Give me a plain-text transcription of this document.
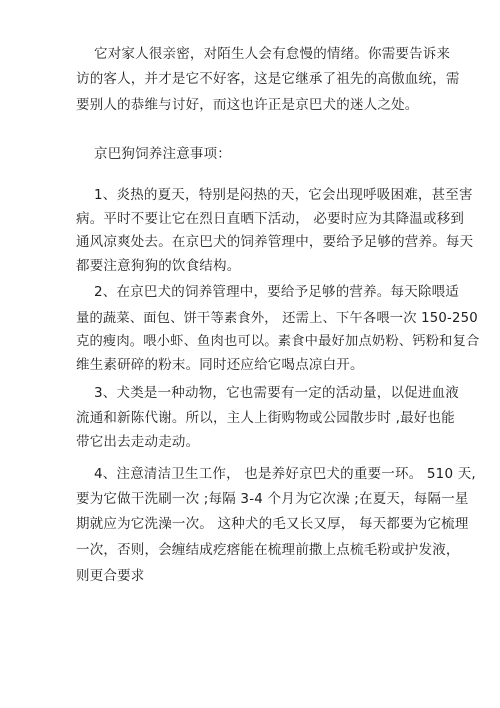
它对家人很亲密，对陌生人会有怠慢的情绪。你需要告诉来
访的客人，并才是它不好客，这是它继承了祖先的高傲血统，需
要别人的恭维与讨好，而这也许正是京巴犬的迷人之处。
京巴狗饲养注意事项：
1、炎热的夏天，特别是闷热的天，它会出现呼吸困难，甚至害
病。平时不要让它在烈日直晒下活动， 必要时应为其降温或移到
通风凉爽处去。在京巴犬的饲养管理中，要给予足够的营养。每天
都要注意狗狗的饮食结构。
2、在京巴犬的饲养管理中，要给予足够的营养。每天除喂适
量的蔬菜、面包、饼干等素食外， 还需上、下午各喂一次 150-250
克的瘦肉。喂小虾、鱼肉也可以。素食中最好加点奶粉、钙粉和复合
维生素研碎的粉末。同时还应给它喝点凉白开。
3、犬类是一种动物，它也需要有一定的活动量，以促进血液
流通和新陈代谢。所以，主人上街购物或公园散步时 ,最好也能
带它出去走动走动。
4、注意清洁卫生工作， 也是养好京巴犬的重要一环。 510 天,
要为它做干洗刷一次 ;每隔 3-4 个月为它次澡 ;在夏天，每隔一星
期就应为它洗澡一次。 这种犬的毛又长又厚， 每天都要为它梳理
一次，否则，会缠结成疙瘩能在梳理前撒上点梳毛粉或护发液，
则更合要求
